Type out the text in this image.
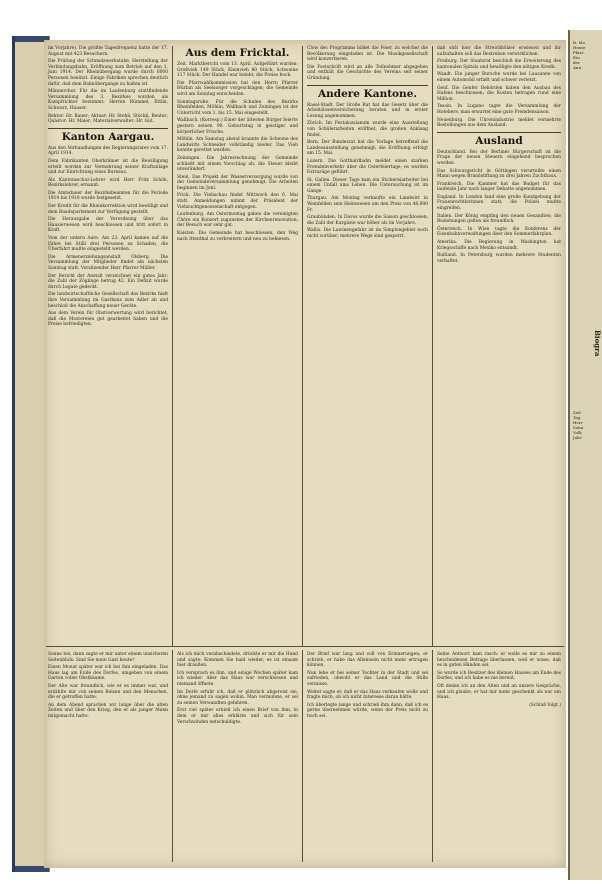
im Vorjahre). Die größte Tagesfrequenz hatte der 17. August mit 423 Besuchern.

Die Prüfung der Schmelzwerkstube, Herstellung der Verbindungsbahn, Eröffnung zum Betrieb auf den 1. Juni 1914. Der Rheinübergang wurde durch 6000 Personen benützt. Einige Fabriken sprechen deutlich dafür, daß dem Bahnübergange zu halten ist.

Männerchor. Für die im Laufenburg stattfindende Versammlung des 3. Bezirkes wurden als Kampfrichter bestimmt: Herren Rümmel, Ettlin, Schwarz, Hauser.

Rektor: Hr. Bauer; Aktuar: Hr. Stehli, Stöckli, Reuter; Quästor: Hr. Maier; Materialverwalter: Hr. Gut.

Kanton Aargau.

Aus den Verhandlungen des Regierungsrates vom 17. April 1914.

Dem Fabrikanten Oberkrämer ist die Bewilligung erteilt worden zur Vermehrung seiner Kraftanlage und zur Einrichtung eines Bureaus.

Als Kantonsschul-Lehrer wird Herr Fritz Schöb, Bezirkslehrer, ernannt.

Die Amtsdauer der Bezirksbeamten für die Periode 1914 bis 1918 wurde festgesetzt.

Der Kredit für die Rheinkorrektion wird bewilligt und dem Baudepartement zur Verfügung gestellt.

Die Herausgabe der Verordnung über das Hausierwesen wird beschlossen und tritt sofort in Kraft.

Vom der untern Aare. Am 23. April kamen auf die Fähre bei Stilli drei Personen zu Schaden, die Überfahrt mußte eingestellt werden.

Die Armenerziehungsanstalt Olsberg. Die Versammlung der Mitglieder findet am nächsten Sonntag statt. Vorsitzender Herr Pfarrer Müller.

Der Bericht der Anstalt verzeichnet ein gutes Jahr; die Zahl der Zöglinge betrug 42. Ein Defizit wurde durch Legate gedeckt.

Die landwirtschaftliche Gesellschaft des Bezirks hielt ihre Versammlung im Gasthaus zum Adler ab und beschloß die Anschaffung neuer Geräte.

Aus dem Verein für Obstverwertung wird berichtet, daß die Mostereien gut gearbeitet haben und die Preise befriedigten.

Aus dem Fricktal.

Zeit. Marktbericht vom 13. April. Aufgeführt wurden: Großvieh 149 Stück, Kleinvieh 80 Stück, Schweine 117 Stück. Der Handel war belebt, die Preise hoch.

Die Pfarrwahlkommission hat den Herrn Pfarrer Hürbin als Seelsorger vorgeschlagen; die Gemeinde wird am Sonntag entscheiden.

Sonntagsruhe. Für die Schulen des Bezirks Rheinfelden, Möhlin, Wallbach und Zeiningen ist der Unterricht vom 1. bis 15. Mai eingestellt.

Wallbach. (Korresp.) Einer der ältesten Bürger feierte gestern seinen 90. Geburtstag in geistiger und körperlicher Frische.

Möhlin. Am Samstag abend brannte die Scheune des Landwirts Schneider vollständig nieder. Das Vieh konnte gerettet werden.

Zeiningen. Die Jahresrechnung der Gemeinde schließt mit einem Vorschlag ab; die Steuer bleibt unverändert.

Stein. Das Projekt der Wasserversorgung wurde von der Gemeindeversammlung genehmigt. Die Arbeiten beginnen im Juni.

Frick. Die Viehschau findet Mittwoch den 6. Mai statt. Anmeldungen nimmt der Präsident der Viehzuchtgenossenschaft entgegen.

Laufenburg. Am Ostermontag gaben die vereinigten Chöre ein Konzert zugunsten der Kirchenrenovation; der Besuch war sehr gut.

Kaisten. Die Gemeinde hat beschlossen, den Weg nach Ittenthal zu verbreitern und neu zu bekiesen.

Clow des Programms bildet die Feier, zu welcher die Bevölkerung eingeladen ist. Die Musikgesellschaft wird konzertieren.

Die Festschrift wird an alle Teilnehmer abgegeben und enthält die Geschichte des Vereins seit seiner Gründung.

Andere Kantone.

Basel-Stadt. Der Große Rat hat das Gesetz über die Arbeitslosenversicherung beraten und in erster Lesung angenommen.

Zürich. Im Pestalozzianum wurde eine Ausstellung von Schülerarbeiten eröffnet, die großen Anklang findet.

Bern. Der Bundesrat hat die Vorlage betreffend die Landesausstellung genehmigt; die Eröffnung erfolgt am 15. Mai.

Luzern. Die Gotthardbahn meldet einen starken Fremdenverkehr über die Osterfeiertage; es wurden Extrazüge geführt.

St. Gallen. Dieser Tage kam ein Stickereiarbeiter bei einem Unfall ums Leben. Die Untersuchung ist im Gange.

Thurgau. Am Montag verkaufte ein Landwirt in Weinfelden sein Heimwesen um den Preis von 48,000 Fr.

Graubünden. In Davos wurde die Saison geschlossen; die Zahl der Kurgäste war höher als im Vorjahre.

Wallis. Die Lawinengefahr ist im Simplongebiet noch nicht vorüber; mehrere Wege sind gesperrt.

daß sich hier die Streichhölzer erwiesen und ihr aufzuhalten soll das Bestreben verwirklichen.

Freiburg. Der Staatsrat beschloß die Erweiterung des kantonalen Spitals und bewilligte den nötigen Kredit.

Waadt. Ein junger Bursche wurde bei Lausanne von einem Automobil erfaßt und schwer verletzt.

Genf. Die Genfer Behörden haben den Ausbau des Hafens beschlossen; die Kosten betragen rund eine Million.

Tessin. In Lugano tagte die Versammlung der Hoteliers; man erwartet eine gute Fremdensaison.

Neuenburg. Die Uhrenindustrie meldet vermehrte Bestellungen aus dem Ausland.

Ausland

Deutschland. Bei der Berliner Bürgerschaft ist die Frage der neuen Steuern eingehend besprochen worden.

Das Schwurgericht in Göttingen verurteilte einen Mann wegen Brandstiftung zu drei Jahren Zuchthaus.

Frankreich. Die Kammer hat das Budget für das laufende Jahr nach langer Debatte angenommen.

England. In London fand eine große Kundgebung der Frauenrechtlerinnen statt; die Polizei mußte eingreifen.

Italien. Der König empfing den neuen Gesandten; die Beziehungen gelten als freundlich.

Österreich. In Wien tagte die Konferenz der Eisenbahnverwaltungen über den Sommerfahrplan.

Amerika. Die Regierung in Washington hat Kriegsschiffe nach Mexiko entsandt.

Rußland. In Petersburg wurden mehrere Studenten verhaftet.

Sonne bei, dann sagte er mir unter einem unsicheren Seitenblick: Sind Sie mein Gast heute?

Einen Monat später war ich bei ihm eingeladen. Das Haus lag am Ende des Dorfes, umgeben von einem Garten voller Obstbäume.

Der Alte war freundlich, wie er es immer war, und erzählte mir von seinen Reisen und den Menschen, die er getroffen hatte.

An dem Abend sprachen wir lange über die alten Zeiten und über den Krieg, den er als junger Mann mitgemacht hatte.

Als ich mich verabschiedete, drückte er mir die Hand und sagte: Kommen Sie bald wieder, es ist einsam hier draußen.

Ich versprach es ihm, und einige Wochen später kam ich wieder. Aber das Haus war verschlossen und niemand öffnete.

Im Dorfe erfuhr ich, daß er plötzlich abgereist sei, ohne jemand zu sagen wohin. Man vermutete, er sei zu seinen Verwandten gefahren.

Erst viel später erhielt ich einen Brief von ihm, in dem er mir alles erklärte und sich für sein Verschwinden entschuldigte.

Der Brief war lang und voll von Erinnerungen; er schrieb, er habe das Alleinsein nicht mehr ertragen können.

Nun lebe er bei seiner Tochter in der Stadt und sei zufrieden, obwohl er das Land und die Stille vermisse.

Weiter sagte er, daß er das Haus verkaufen wolle und fragte mich, ob ich nicht Interesse daran hätte.

Ich überlegte lange und schrieb ihm dann, daß ich es gerne übernehmen würde, wenn der Preis nicht zu hoch sei.

Seine Antwort kam rasch: er wolle es mir zu einem bescheidenen Betrage überlassen, weil er wisse, daß es in guten Händen sei.

So wurde ich Besitzer des kleinen Hauses am Ende des Dorfes, und ich habe es nie bereut.

Oft denke ich an den Alten und an unsere Gespräche, und ich glaube, er hat mir mehr geschenkt als nur ein Haus.

(Schluß folgt.)

B. Mo

Heute

Pfarr

Ein

der

Ann

Biogra

Zeit

Tag

Herr

Sohn

Volk

Jahr
